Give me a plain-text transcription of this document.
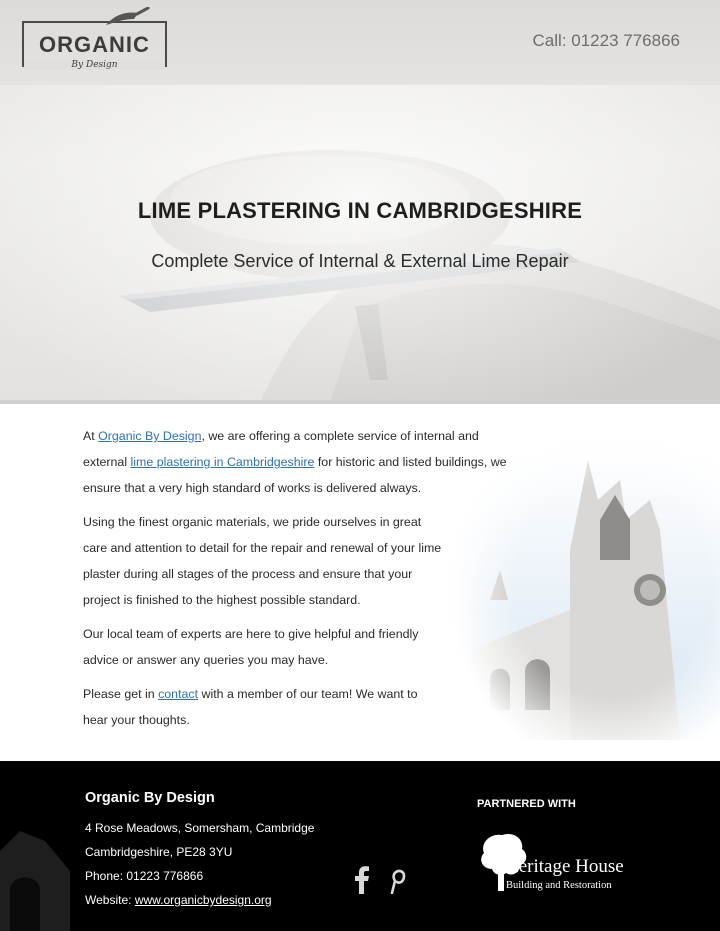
ORGANIC
By Design
Call: 01223 776866
LIME PLASTERING IN CAMBRIDGESHIRE
Complete Service of Internal & External Lime Repair

At Organic By Design, we are offering a complete service of internal and external lime plastering in Cambridgeshire for historic and listed buildings, we ensure that a very high standard of works is delivered always.

Using the finest organic materials, we pride ourselves in great care and attention to detail for the repair and renewal of your lime plaster during all stages of the process and ensure that your project is finished to the highest possible standard.

Our local team of experts are here to give helpful and friendly advice or answer any queries you may have.

Please get in contact with a member of our team! We want to hear your thoughts.

Organic By Design
4 Rose Meadows, Somersham, Cambridge
Cambridgeshire, PE28 3YU
Phone: 01223 776866
Website: www.organicbydesign.org
PARTNERED WITH
Heritage House
Building and Restoration
